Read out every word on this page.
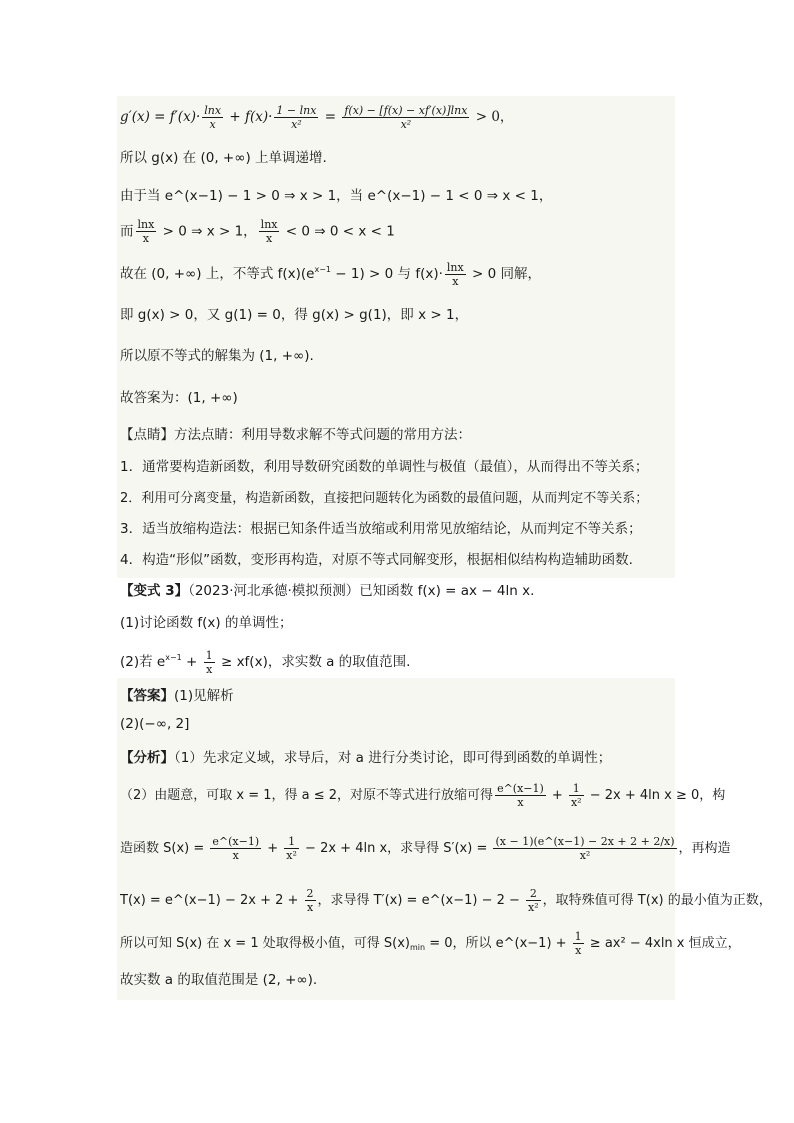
$g'(x) = f'(x)\cdot \frac{\ln x}{x} + f(x)\cdot \frac{1 - \ln x}{\text{x²}} = \frac{f(x) - [f(x) - xf'(x)]\ln x}{\text{x²}} > 0$，
所以 g(x) 在 (0, +∞) 上单调递增.
由于当 e^(x−1) − 1 > 0 ⇒ x > 1，当 e^(x−1) − 1 < 0 ⇒ x < 1，
而 $\frac{\ln x}{x} > 0$ ⇒ x > 1， $\frac{\ln x}{x} < 0$ ⇒ 0 < x < 1
故在 (0, +∞) 上，不等式 $f(x)(e^{x-1} - 1) > 0$ 与 $f(x)\cdot \frac{\ln x}{x} > 0$ 同解，
即 g(x) > 0，又 g(1) = 0，得 g(x) > g(1)，即 x > 1，
所以原不等式的解集为 (1, +∞).
故答案为：(1, +∞)
【点睛】方法点睛：利用导数求解不等式问题的常用方法：
1．通常要构造新函数，利用导数研究函数的单调性与极值（最值），从而得出不等关系；
2．利用可分离变量，构造新函数，直接把问题转化为函数的最值问题，从而判定不等关系；
3．适当放缩构造法：根据已知条件适当放缩或利用常见放缩结论，从而判定不等关系；
4．构造“形似”函数，变形再构造，对原不等式同解变形，根据相似结构构造辅助函数.
【变式 3】（2023·河北承德·模拟预测）已知函数 f(x) = ax − 4ln x.
(1)讨论函数 f(x) 的单调性；
(2)若 $e^{x-1} + \frac{1}{x} \ge xf(x)$，求实数 a 的取值范围.
【答案】(1)见解析
(2)(−∞, 2]
【分析】（1）先求定义域，求导后，对 a 进行分类讨论，即可得到函数的单调性；
（2）由题意，可取 x = 1，得 a ≤ 2，对原不等式进行放缩可得 $\frac{e\^{}(x-1)}{x} + \frac{1}{\text{x²}} - 2x + 4\ln$ x ≥ 0，构
造函数 $S(x) = \frac{e\^{}(x-1)}{x} + \frac{1}{\text{x²}} - 2x + 4\ln$ x，求导得 $S'(x) = \frac{(x - 1)(e\^{}(x-1) - 2x + 2 + 2/x)}{\text{x²}}$ ，再构造
T(x) = e^(x−1) − $2x + 2 + \frac{2}{x}$ ，求导得 T′(x) = e^(x−1) − $2 - \frac{2}{\text{x²}}$ ，取特殊值可得 T(x) 的最小值为正数，
所以可知 S(x) 在 x = 1 处取得极小值，可得 $S(x)_{min} = 0$，所以 e^(x−1) + $\frac{1}{x} \ge ax^2 - 4xln$ x 恒成立，
故实数 a 的取值范围是 (2, +∞).
